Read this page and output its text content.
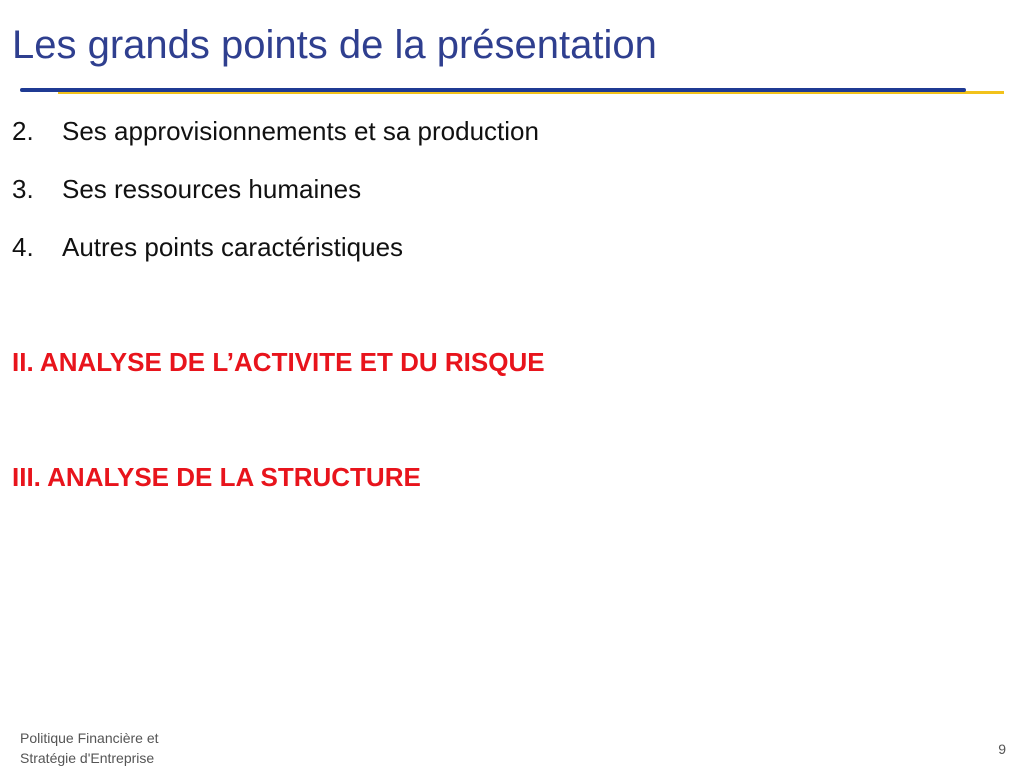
Les grands points de la présentation
2.	Ses approvisionnements et sa production
3.	Ses ressources humaines
4.	Autres points caractéristiques
II. ANALYSE DE L’ACTIVITE ET DU RISQUE
III. ANALYSE DE LA STRUCTURE
Politique Financière et
Stratégie d'Entreprise
9
